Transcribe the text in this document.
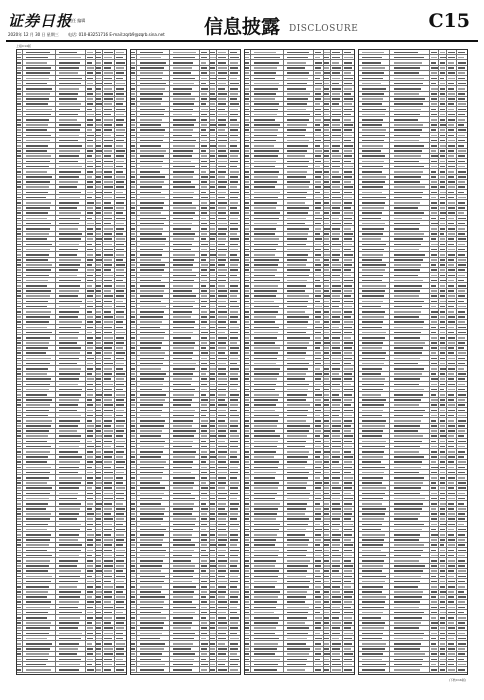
证券日报
责任 编辑
2020年 12 月 30 日 星期三 电话: 010-83251716 E-mail:zqrb9@zqrb.sina.net 信息披露 DISCLOSURE	C15
上接C14版
(下转C16版)
